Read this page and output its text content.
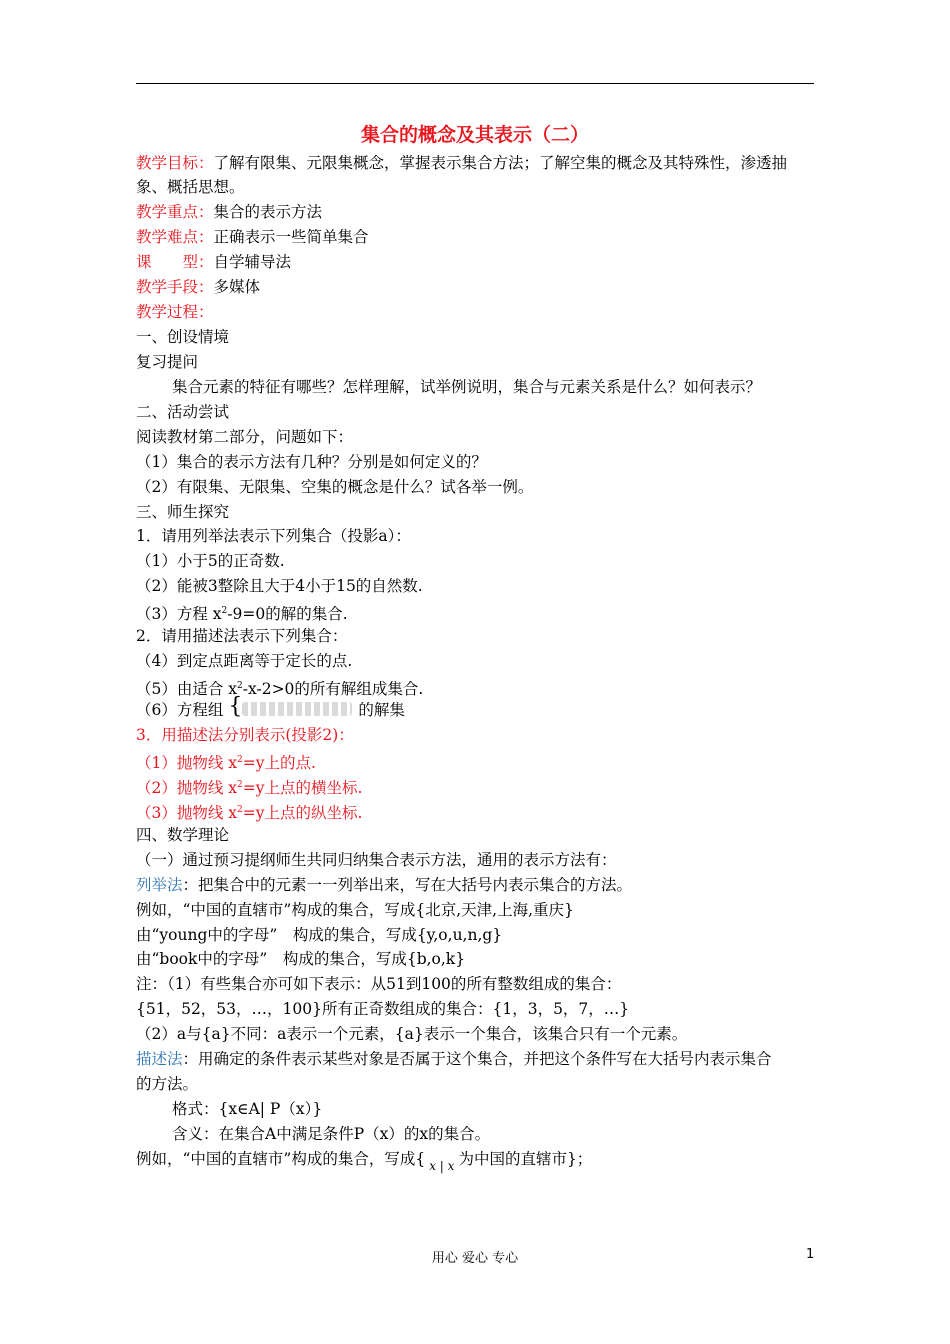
集合的概念及其表示（二）
教学目标：了解有限集、元限集概念，掌握表示集合方法；了解空集的概念及其特殊性，渗透抽
象、概括思想。
教学重点：集合的表示方法
教学难点：正确表示一些简单集合
课　　型：自学辅导法
教学手段：多媒体
教学过程：
一、创设情境
复习提问
集合元素的特征有哪些？怎样理解，试举例说明，集合与元素关系是什么？如何表示？
二、活动尝试
阅读教材第二部分，问题如下：
（1）集合的表示方法有几种？分别是如何定义的？
（2）有限集、无限集、空集的概念是什么？试各举一例。
三、师生探究
1．请用列举法表示下列集合（投影a）：
（1）小于5的正奇数.
（2）能被3整除且大于4小于15的自然数.
（3）方程 $x^2-9=0$的解的集合.
2．请用描述法表示下列集合：
（4）到定点距离等于定长的点.
（5）由适合 $x^2-x-2>0$的所有解组成集合.
（6）方程组 {	的解集
3．用描述法分别表示(投影2)：
（1）抛物线 $x^2=y$上的点.
（2）抛物线 $x^2=y$上点的横坐标.
（3）抛物线 $x^2=y$上点的纵坐标.
四、数学理论
（一）通过预习提纲师生共同归纳集合表示方法，通用的表示方法有：
列举法：把集合中的元素一一列举出来，写在大括号内表示集合的方法。
例如，“中国的直辖市”构成的集合，写成{北京,天津,上海,重庆}
由“young中的字母”　构成的集合，写成{y,o,u,n,g}
由“book中的字母”　构成的集合，写成{b,o,k}
注：（1）有些集合亦可如下表示：从51到100的所有整数组成的集合：
{51，52，53，…，100}所有正奇数组成的集合：{1，3，5，7，…}
（2）a与{a}不同：a表示一个元素，{a}表示一个集合，该集合只有一个元素。
描述法：用确定的条件表示某些对象是否属于这个集合，并把这个条件写在大括号内表示集合
的方法。
格式：{x∈A| P（x）}
含义：在集合A中满足条件P（x）的x的集合。
例如，“中国的直辖市”构成的集合，写成{ x | x 为中国的直辖市}；
用心 爱心 专心	1
